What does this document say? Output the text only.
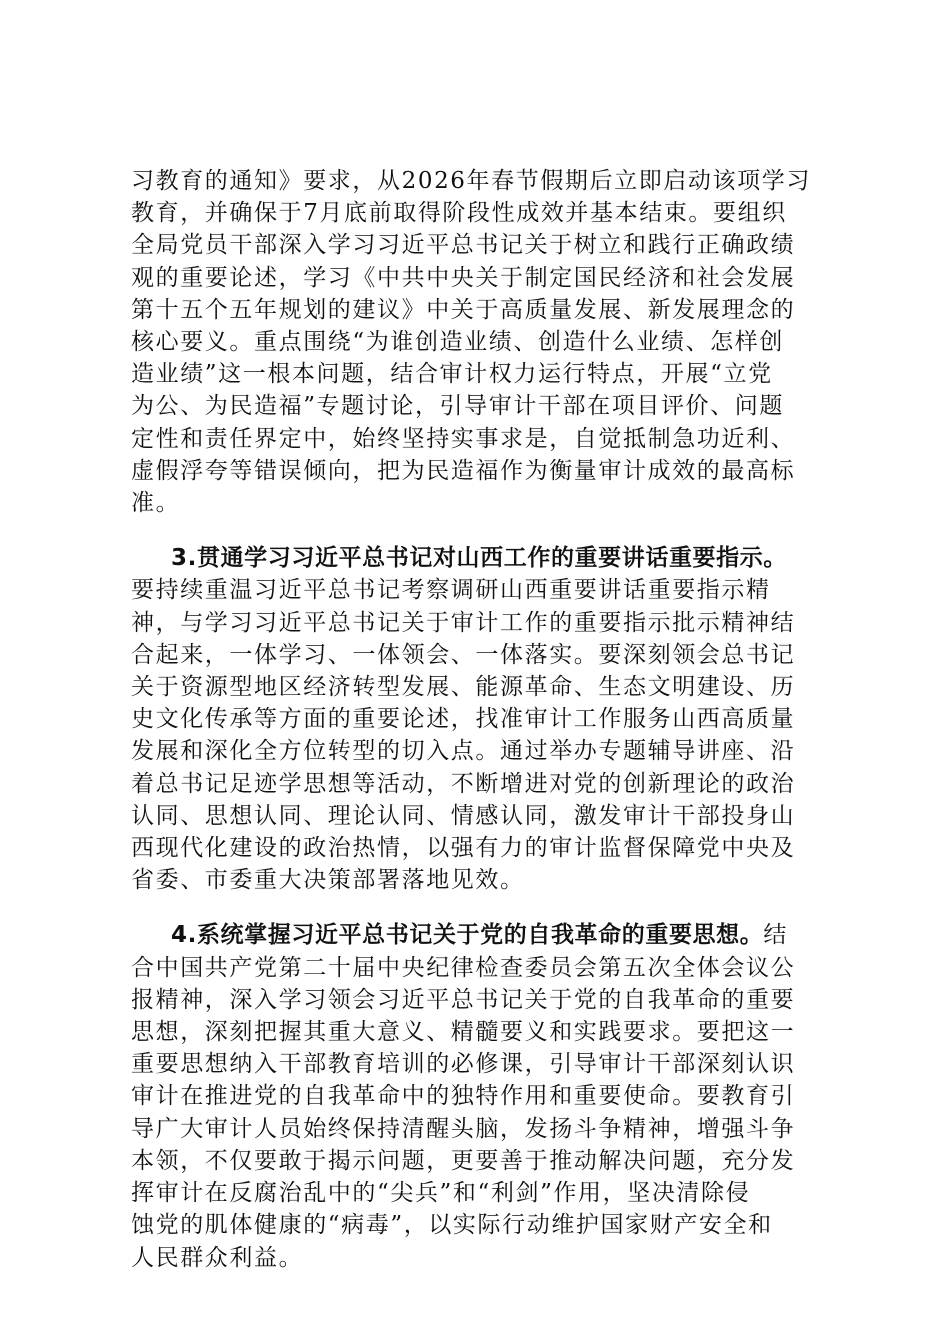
习教育的通知》要求，从2026年春节假期后立即启动该项学习
教育，并确保于7月底前取得阶段性成效并基本结束。要组织
全局党员干部深入学习习近平总书记关于树立和践行正确政绩
观的重要论述，学习《中共中央关于制定国民经济和社会发展
第十五个五年规划的建议》中关于高质量发展、新发展理念的
核心要义。重点围绕“为谁创造业绩、创造什么业绩、怎样创
造业绩”这一根本问题，结合审计权力运行特点，开展“立党
为公、为民造福”专题讨论，引导审计干部在项目评价、问题
定性和责任界定中，始终坚持实事求是，自觉抵制急功近利、
虚假浮夸等错误倾向，把为民造福作为衡量审计成效的最高标
准。

3.贯通学习习近平总书记对山西工作的重要讲话重要指示。
要持续重温习近平总书记考察调研山西重要讲话重要指示精
神，与学习习近平总书记关于审计工作的重要指示批示精神结
合起来，一体学习、一体领会、一体落实。要深刻领会总书记
关于资源型地区经济转型发展、能源革命、生态文明建设、历
史文化传承等方面的重要论述，找准审计工作服务山西高质量
发展和深化全方位转型的切入点。通过举办专题辅导讲座、沿
着总书记足迹学思想等活动，不断增进对党的创新理论的政治
认同、思想认同、理论认同、情感认同，激发审计干部投身山
西现代化建设的政治热情，以强有力的审计监督保障党中央及
省委、市委重大决策部署落地见效。

4.系统掌握习近平总书记关于党的自我革命的重要思想。结
合中国共产党第二十届中央纪律检查委员会第五次全体会议公
报精神，深入学习领会习近平总书记关于党的自我革命的重要
思想，深刻把握其重大意义、精髓要义和实践要求。要把这一
重要思想纳入干部教育培训的必修课，引导审计干部深刻认识
审计在推进党的自我革命中的独特作用和重要使命。要教育引
导广大审计人员始终保持清醒头脑，发扬斗争精神，增强斗争
本领，不仅要敢于揭示问题，更要善于推动解决问题，充分发
挥审计在反腐治乱中的“尖兵”和“利剑”作用，坚决清除侵
蚀党的肌体健康的“病毒”，以实际行动维护国家财产安全和
人民群众利益。
